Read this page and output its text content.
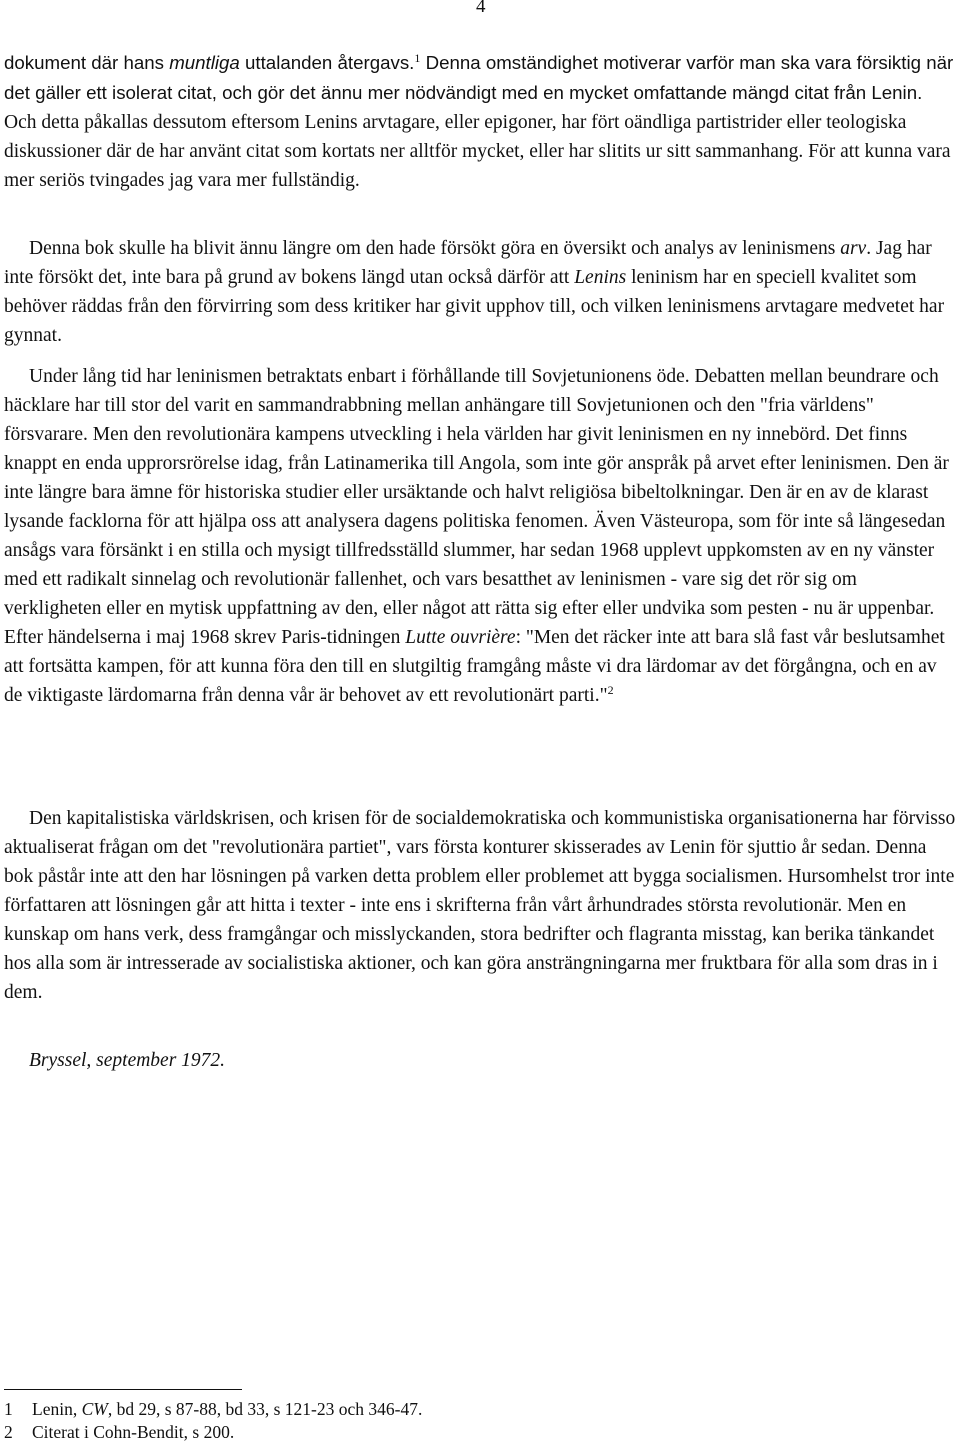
4

dokument där hans muntliga uttalanden återgavs.$^1$ Denna omständighet motiverar varför man ska vara försiktig när det gäller ett isolerat citat, och gör det ännu mer nödvändigt med en mycket omfattande mängd citat från Lenin. Och detta påkallas dessutom eftersom Lenins arvtagare, eller epigoner, har fört oändliga partistrider eller teologiska diskussioner där de har använt citat som kortats ner alltför mycket, eller har slitits ur sitt sammanhang. För att kunna vara mer seriös tvingades jag vara mer fullständig.

Denna bok skulle ha blivit ännu längre om den hade försökt göra en översikt och analys av leninismens arv. Jag har inte försökt det, inte bara på grund av bokens längd utan också därför att Lenins leninism har en speciell kvalitet som behöver räddas från den förvirring som dess kritiker har givit upphov till, och vilken leninismens arvtagare medvetet har gynnat.

Under lång tid har leninismen betraktats enbart i förhållande till Sovjetunionens öde. Debatten mellan beundrare och häcklare har till stor del varit en sammandrabbning mellan anhängare till Sovjetunionen och den "fria världens" försvarare. Men den revolutionära kampens utveckling i hela världen har givit leninismen en ny innebörd. Det finns knappt en enda upprorsrörelse idag, från Latinamerika till Angola, som inte gör anspråk på arvet efter leninismen. Den är inte längre bara ämne för historiska studier eller ursäktande och halvt religiösa bibeltolkningar. Den är en av de klarast lysande facklorna för att hjälpa oss att analysera dagens politiska fenomen. Även Västeuropa, som för inte så längesedan ansågs vara försänkt i en stilla och mysigt tillfredsställd slummer, har sedan 1968 upplevt uppkomsten av en ny vänster med ett radikalt sinnelag och revolutionär fallenhet, och vars besatthet av leninismen - vare sig det rör sig om verkligheten eller en mytisk uppfattning av den, eller något att rätta sig efter eller undvika som pesten - nu är uppenbar. Efter händelserna i maj 1968 skrev Paris-tidningen Lutte ouvrière: "Men det räcker inte att bara slå fast vår beslutsamhet att fortsätta kampen, för att kunna föra den till en slutgiltig framgång måste vi dra lärdomar av det förgångna, och en av de viktigaste lärdomarna från denna vår är behovet av ett revolutionärt parti."$^2$

Den kapitalistiska världskrisen, och krisen för de socialdemokratiska och kommunistiska organisationerna har förvisso aktualiserat frågan om det "revolutionära partiet", vars första konturer skisserades av Lenin för sjuttio år sedan. Denna bok påstår inte att den har lösningen på varken detta problem eller problemet att bygga socialismen. Hursomhelst tror inte författaren att lösningen går att hitta i texter - inte ens i skrifterna från vårt århundrades största revolutionär. Men en kunskap om hans verk, dess framgångar och misslyckanden, stora bedrifter och flagranta misstag, kan berika tänkandet hos alla som är intresserade av socialistiska aktioner, och kan göra ansträngningarna mer fruktbara för alla som dras in i dem.

Bryssel, september 1972.

1 Lenin, CW, bd 29, s 87-88, bd 33, s 121-23 och 346-47.
2 Citerat i Cohn-Bendit, s 200.
